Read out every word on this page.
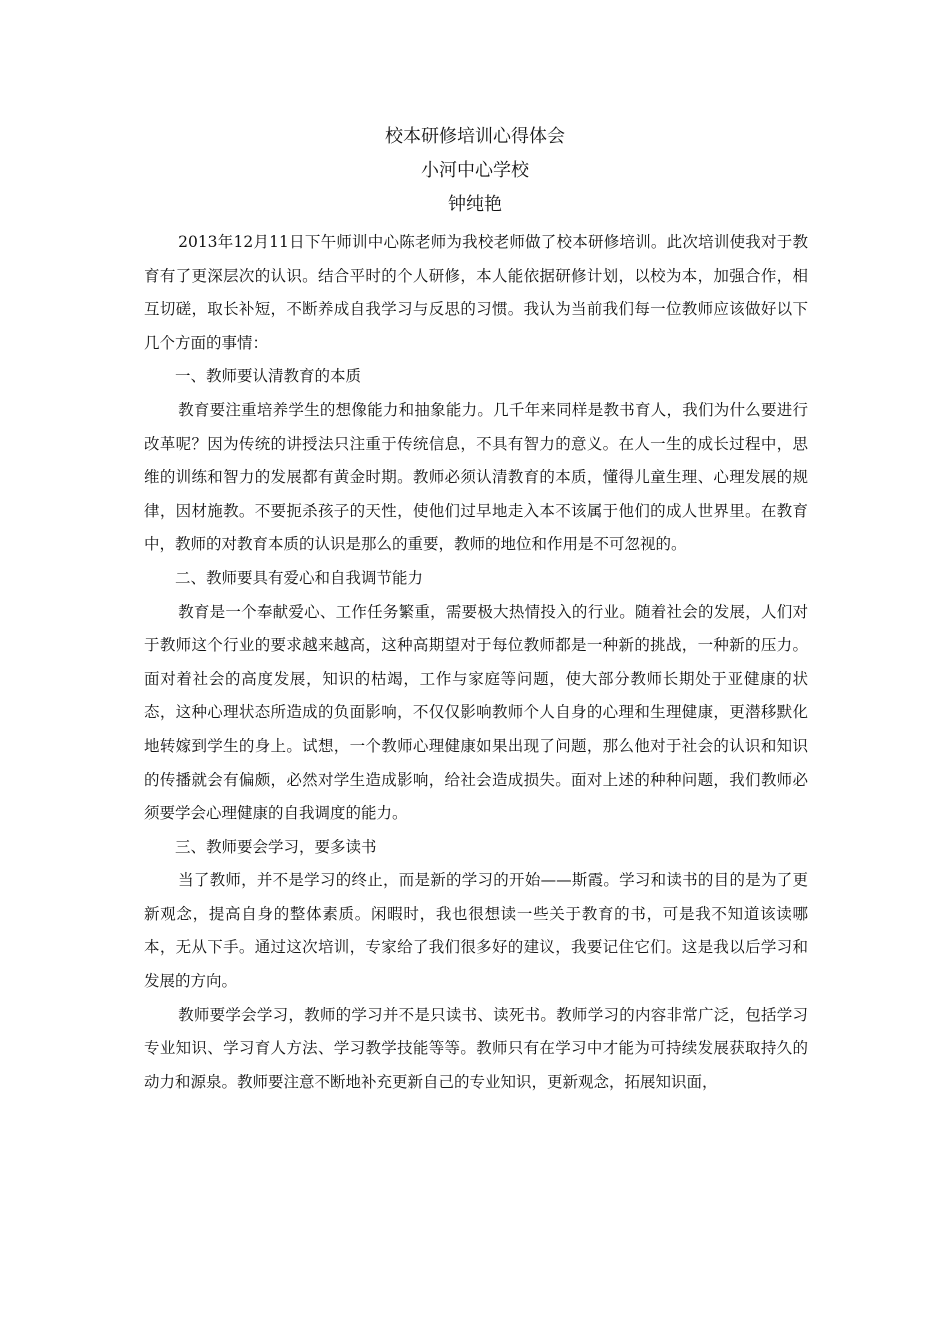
校本研修培训心得体会
小河中心学校
钟纯艳

2013年12月11日下午师训中心陈老师为我校老师做了校本研修培训。此次培训使我对于教育有了更深层次的认识。结合平时的个人研修，本人能依据研修计划，以校为本，加强合作，相互切磋，取长补短，不断养成自我学习与反思的习惯。我认为当前我们每一位教师应该做好以下几个方面的事情：

一、教师要认清教育的本质

教育要注重培养学生的想像能力和抽象能力。几千年来同样是教书育人，我们为什么要进行改革呢？因为传统的讲授法只注重于传统信息，不具有智力的意义。在人一生的成长过程中，思维的训练和智力的发展都有黄金时期。教师必须认清教育的本质，懂得儿童生理、心理发展的规律，因材施教。不要扼杀孩子的天性，使他们过早地走入本不该属于他们的成人世界里。在教育中，教师的对教育本质的认识是那么的重要，教师的地位和作用是不可忽视的。

二、教师要具有爱心和自我调节能力

教育是一个奉献爱心、工作任务繁重，需要极大热情投入的行业。随着社会的发展，人们对于教师这个行业的要求越来越高，这种高期望对于每位教师都是一种新的挑战，一种新的压力。面对着社会的高度发展，知识的枯竭，工作与家庭等问题，使大部分教师长期处于亚健康的状态，这种心理状态所造成的负面影响，不仅仅影响教师个人自身的心理和生理健康，更潜移默化地转嫁到学生的身上。试想，一个教师心理健康如果出现了问题，那么他对于社会的认识和知识的传播就会有偏颇，必然对学生造成影响，给社会造成损失。面对上述的种种问题，我们教师必须要学会心理健康的自我调度的能力。

三、教师要会学习，要多读书

当了教师，并不是学习的终止，而是新的学习的开始——斯霞。学习和读书的目的是为了更新观念，提高自身的整体素质。闲暇时，我也很想读一些关于教育的书，可是我不知道该读哪本，无从下手。通过这次培训，专家给了我们很多好的建议，我要记住它们。这是我以后学习和发展的方向。

教师要学会学习，教师的学习并不是只读书、读死书。教师学习的内容非常广泛，包括学习专业知识、学习育人方法、学习教学技能等等。教师只有在学习中才能为可持续发展获取持久的动力和源泉。教师要注意不断地补充更新自己的专业知识，更新观念，拓展知识面，
